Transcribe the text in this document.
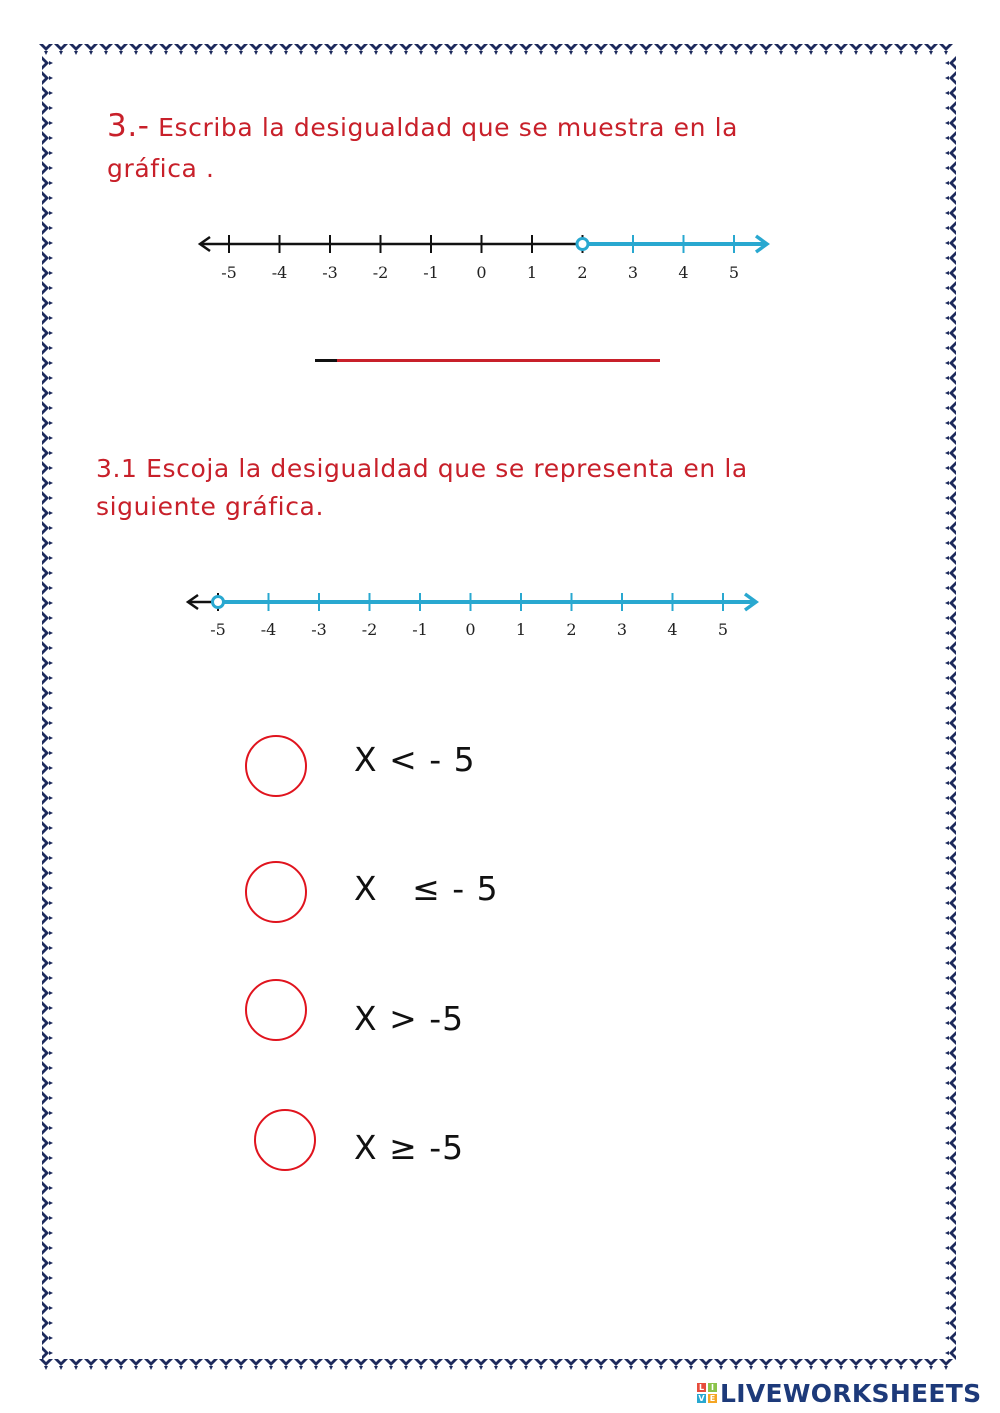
3.- Escriba la desigualdad que se muestra en la
gráfica .
-5 -4 -3 -2 -1 0	1	2	3	4	5
3.1 Escoja la desigualdad que se representa en la
siguiente gráfica.
-5 -4 -3 -2 -1 0	1	2	3	4	5
X < - 5
X   ≤ - 5
X > -5
X ≥ -5
L I
V E LIVEWORKSHEETS
